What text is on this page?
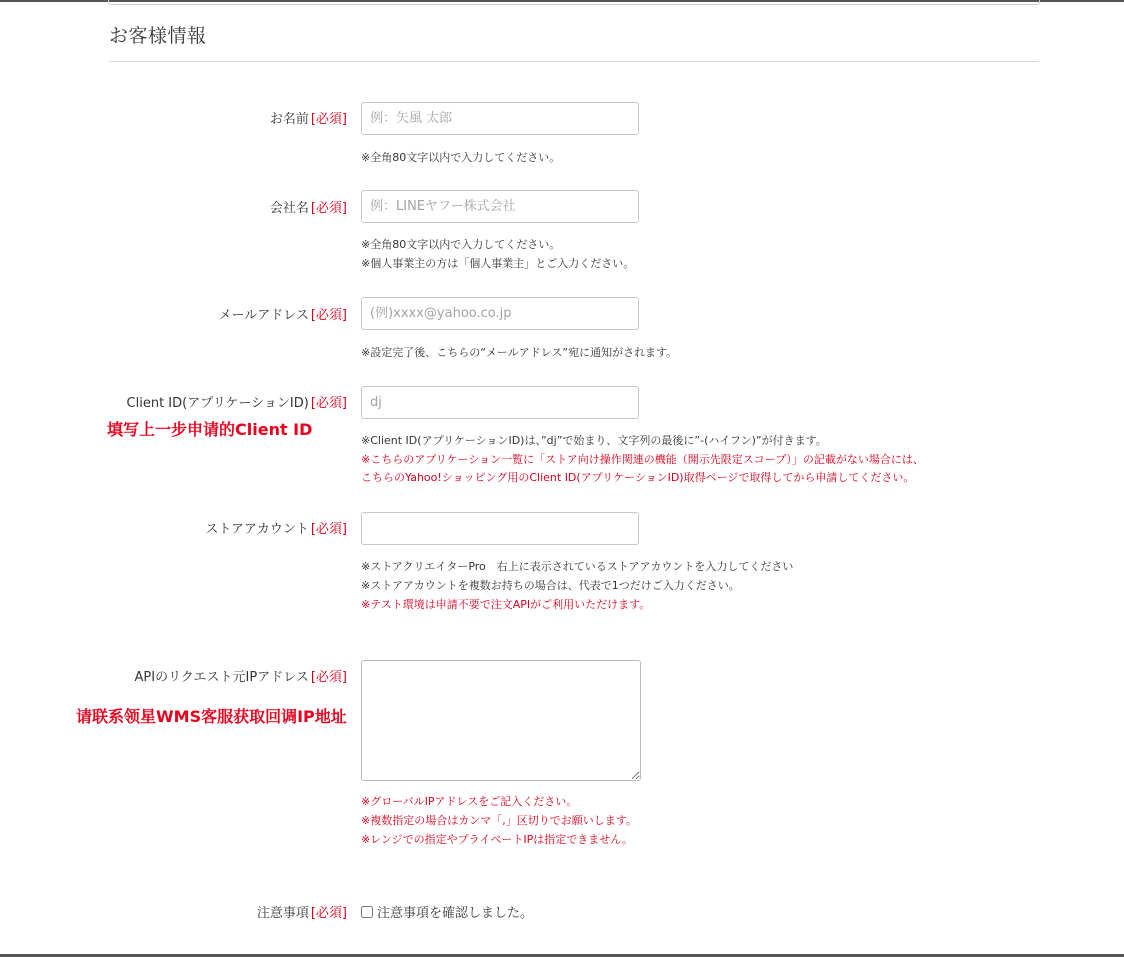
お客様情報
お名前 [必須]
例：矢風 太郎
※全角80文字以内で入力してください。
会社名 [必須]
例：LINEヤフー株式会社
※全角80文字以内で入力してください。
※個人事業主の方は「個人事業主」とご入力ください。
メールアドレス [必須]
(例)xxxx@yahoo.co.jp
※設定完了後、こちらの“メールアドレス”宛に通知がされます。
Client ID(アプリケーションID) [必須]
填写上一步申请的Client ID
dj
※Client ID(アプリケーションID)は、”dj”で始まり、文字列の最後に”-(ハイフン)”が付きます。
※こちらのアプリケーション一覧に「ストア向け操作関連の機能（開示先限定スコープ）」の記載がない場合には、
こちらのYahoo!ショッピング用のClient ID(アプリケーションID)取得ページで取得してから申請してください。
ストアアカウント [必須]
※ストアクリエイターPro　右上に表示されているストアアカウントを入力してください
※ストアアカウントを複数お持ちの場合は、代表で1つだけご入力ください。
※テスト環境は申請不要で注文APIがご利用いただけます。
APIのリクエスト元IPアドレス [必須]
请联系领星WMS客服获取回调IP地址
※グローバルIPアドレスをご記入ください。
※複数指定の場合はカンマ「,」区切りでお願いします。
※レンジでの指定やプライベートIPは指定できません。
注意事項 [必須] 注意事項を確認しました。
